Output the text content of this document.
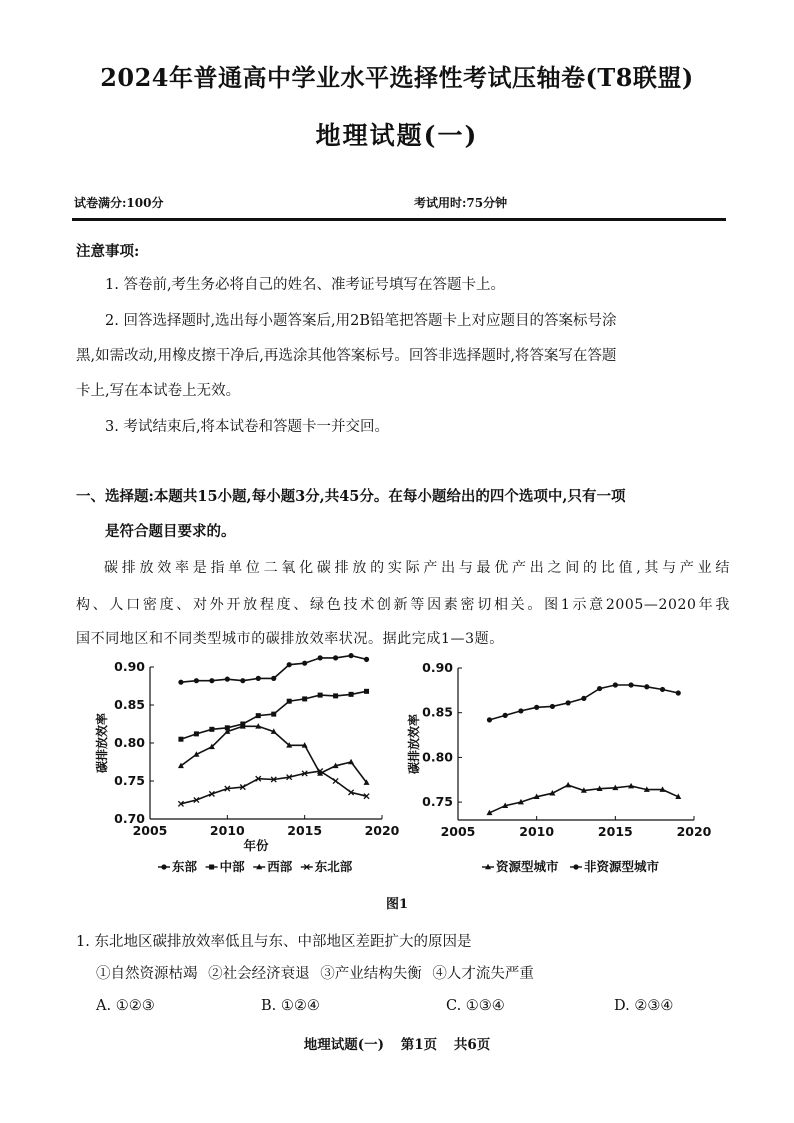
2024年普通高中学业水平选择性考试压轴卷(T8联盟)
地理试题(一)
试卷满分:100分	考试用时:75分钟
注意事项:
1. 答卷前,考生务必将自己的姓名、准考证号填写在答题卡上。
2. 回答选择题时,选出每小题答案后,用2B铅笔把答题卡上对应题目的答案标号涂
黑,如需改动,用橡皮擦干净后,再选涂其他答案标号。回答非选择题时,将答案写在答题
卡上,写在本试卷上无效。
3. 考试结束后,将本试卷和答题卡一并交回。
一、选择题:本题共15小题,每小题3分,共45分。在每小题给出的四个选项中,只有一项
是符合题目要求的。
碳排放效率是指单位二氧化碳排放的实际产出与最优产出之间的比值,其与产业结
构、人口密度、对外开放程度、绿色技术创新等因素密切相关。图1示意2005—2020年我
国不同地区和不同类型城市的碳排放效率状况。据此完成1—3题。
0.70
0.75
0.80
0.85
0.90
2005	2010	2015	2020
碳排放效率
年份
东部 中部 西部 东北部
0.75
0.80
0.85
0.90
2005	2010	2015	2020
碳排放效率
资源型城市 非资源型城市
图1
1. 东北地区碳排放效率低且与东、中部地区差距扩大的原因是
①自然资源枯竭 ②社会经济衰退 ③产业结构失衡 ④人才流失严重
A. ①②③	B. ①②④	C. ①③④	D. ②③④
地理试题(一) 第1页 共6页
